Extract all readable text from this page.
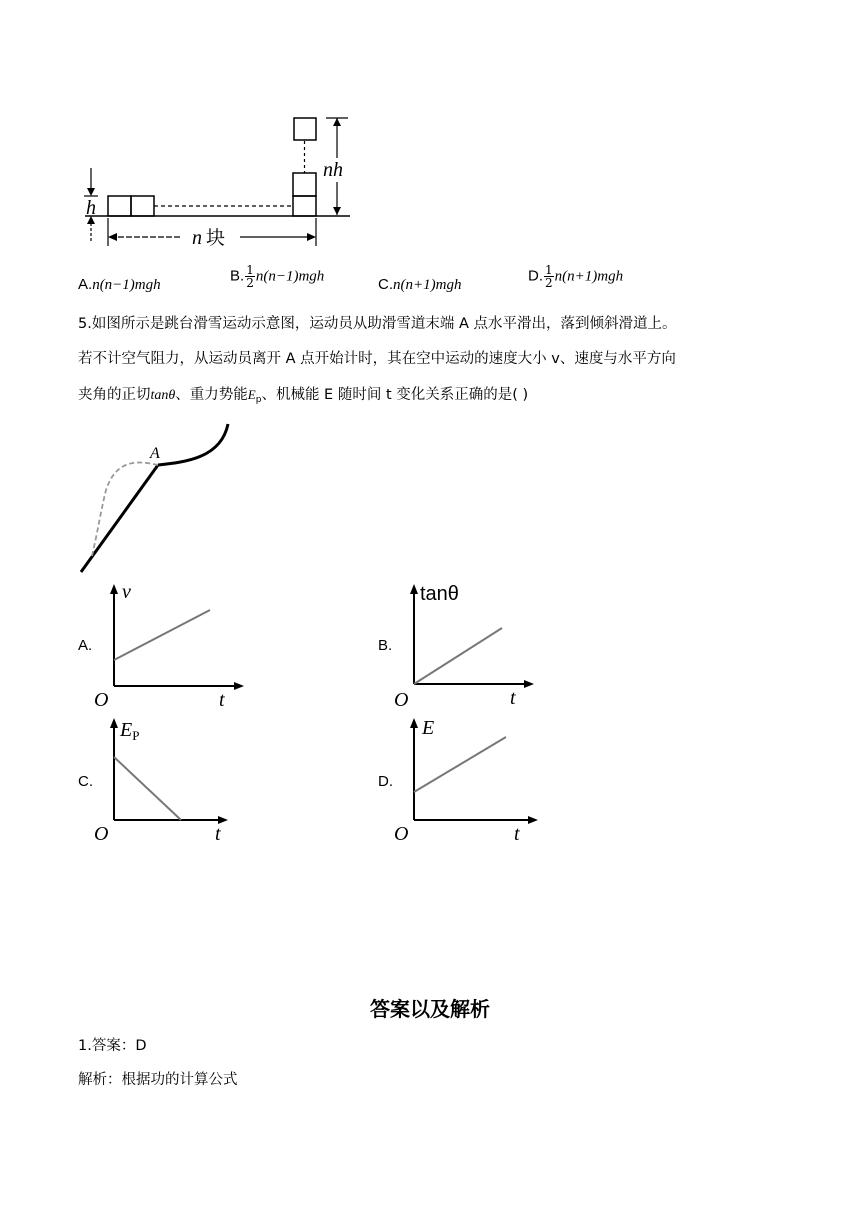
nh
h
n 块
A.n(n−1)mgh
B. $\frac{1}{2} n(n-1)mgh$	C.n(n+1)mgh
D. $\frac{1}{2} n(n+1)mgh$
5.如图所示是跳台滑雪运动示意图，运动员从助滑雪道末端 A 点水平滑出，落到倾斜滑道上。
若不计空气阻力，从运动员离开 A 点开始计时，其在空中运动的速度大小 v、速度与水平方向
夹角的正切tanθ、重力势能$E_p$、机械能 E 随时间 t 变化关系正确的是( )
A
A.
v
t
O
B.
tanθ
t
O
C.
$E_P$
t
O
D.
E
t
O
答案以及解析
1.答案：D
解析：根据功的计算公式
